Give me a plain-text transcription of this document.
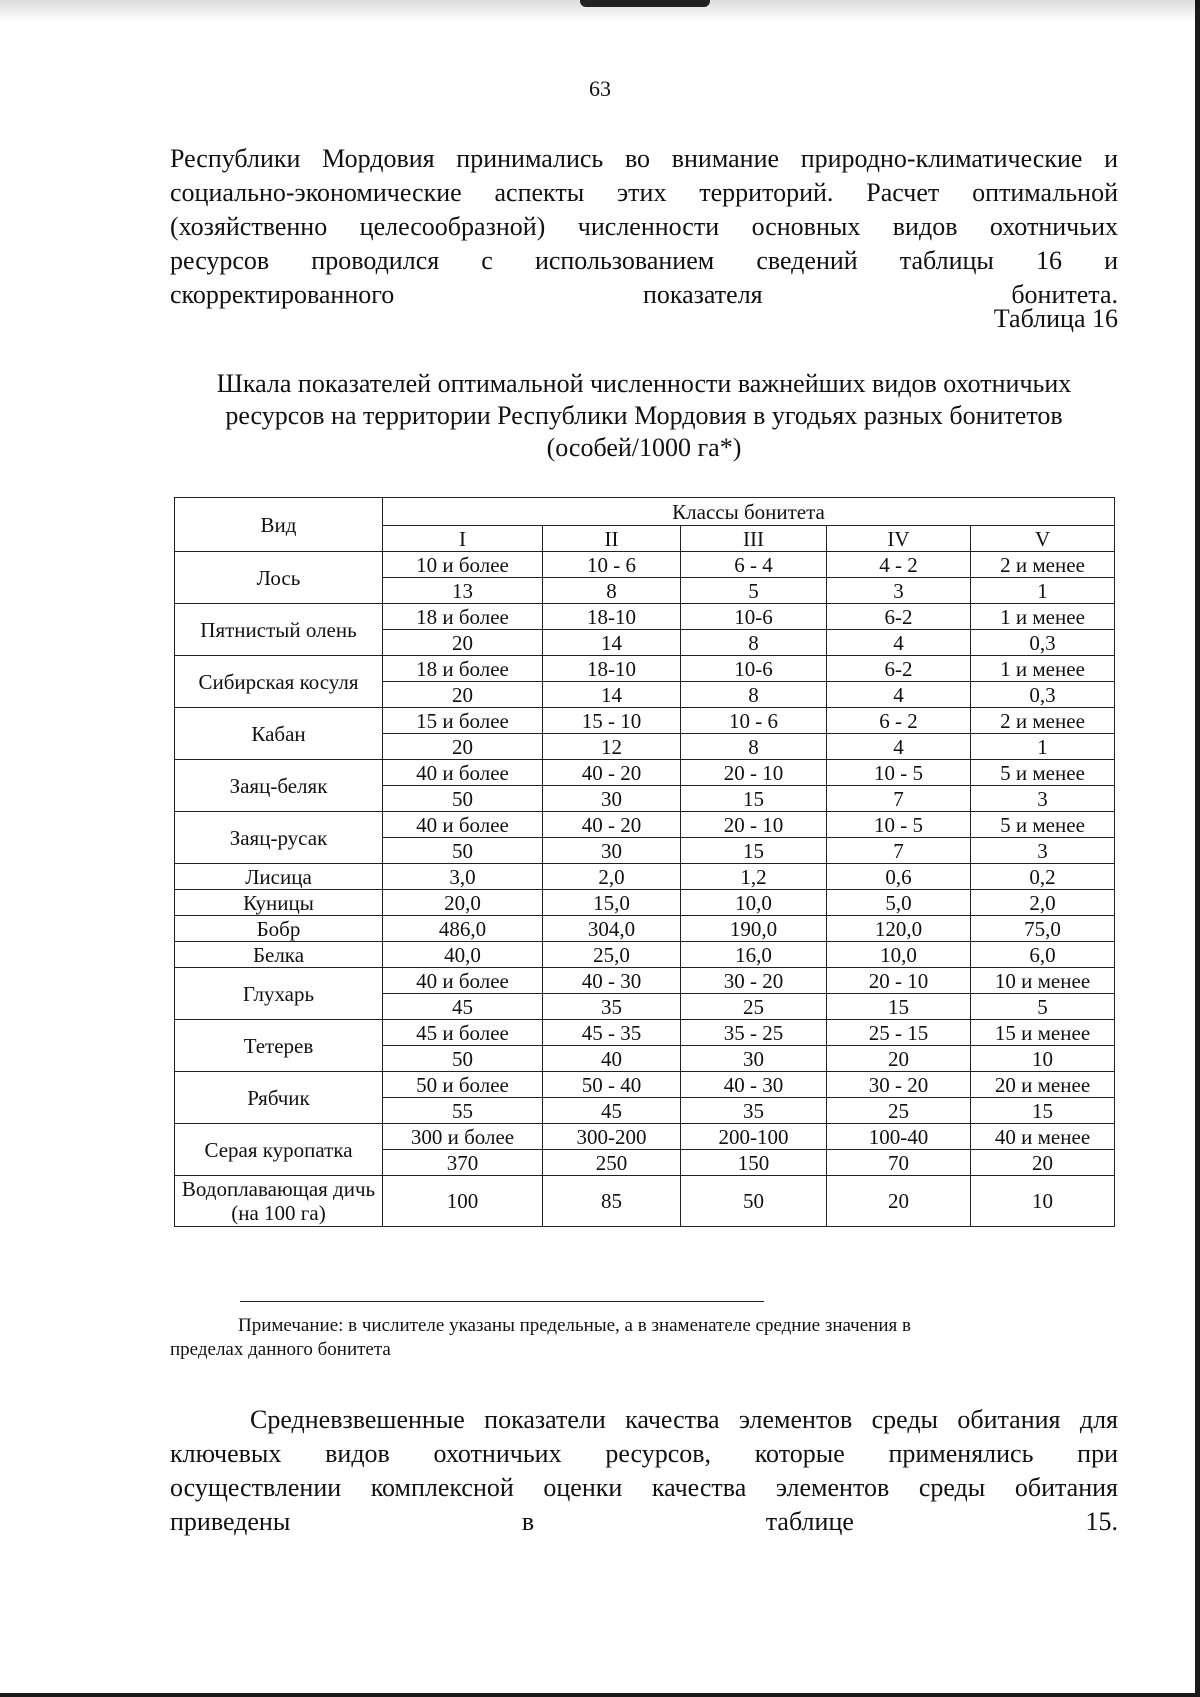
63
Республики Мордовия принимались во внимание природно-климатические и
социально-экономические аспекты этих территорий. Расчет оптимальной
(хозяйственно целесообразной) численности основных видов охотничьих
ресурсов проводился с использованием сведений таблицы 16 и
скорректированного показателя бонитета.
Таблица 16
Шкала показателей оптимальной численности важнейших видов охотничьих
ресурсов на территории Республики Мордовия в угодьях разных бонитетов
(особей/1000 га*)
Вид	Классы бонитета				
	I	II	III	IV	V
Лось	10 и более	10 - 6	6 - 4	4 - 2	2 и менее
	13	8	5	3	1
Пятнистый олень	18 и более	18-10	10-6	6-2	1 и менее
	20	14	8	4	0,3
Сибирская косуля	18 и более	18-10	10-6	6-2	1 и менее
	20	14	8	4	0,3
Кабан	15 и более	15 - 10	10 - 6	6 - 2	2 и менее
	20	12	8	4	1
Заяц-беляк	40 и более	40 - 20	20 - 10	10 - 5	5 и менее
	50	30	15	7	3
Заяц-русак	40 и более	40 - 20	20 - 10	10 - 5	5 и менее
	50	30	15	7	3
Лисица	3,0	2,0	1,2	0,6	0,2
Куницы	20,0	15,0	10,0	5,0	2,0
Бобр	486,0	304,0	190,0	120,0	75,0
Белка	40,0	25,0	16,0	10,0	6,0
Глухарь	40 и более	40 - 30	30 - 20	20 - 10	10 и менее
	45	35	25	15	5
Тетерев	45 и более	45 - 35	35 - 25	25 - 15	15 и менее
	50	40	30	20	10
Рябчик	50 и более	50 - 40	40 - 30	30 - 20	20 и менее
	55	45	35	25	15
Серая куропатка	300 и более	300-200	200-100	100-40	40 и менее
	370	250	150	70	20
Водоплавающая дичь (на 100 га)	100	85	50	20	10
Примечание: в числителе указаны предельные, а в знаменателе средние значения в
пределах данного бонитета
Средневзвешенные показатели качества элементов среды обитания для
ключевых видов охотничьих ресурсов, которые применялись при
осуществлении комплексной оценки качества элементов среды обитания
приведены в таблице 15.
